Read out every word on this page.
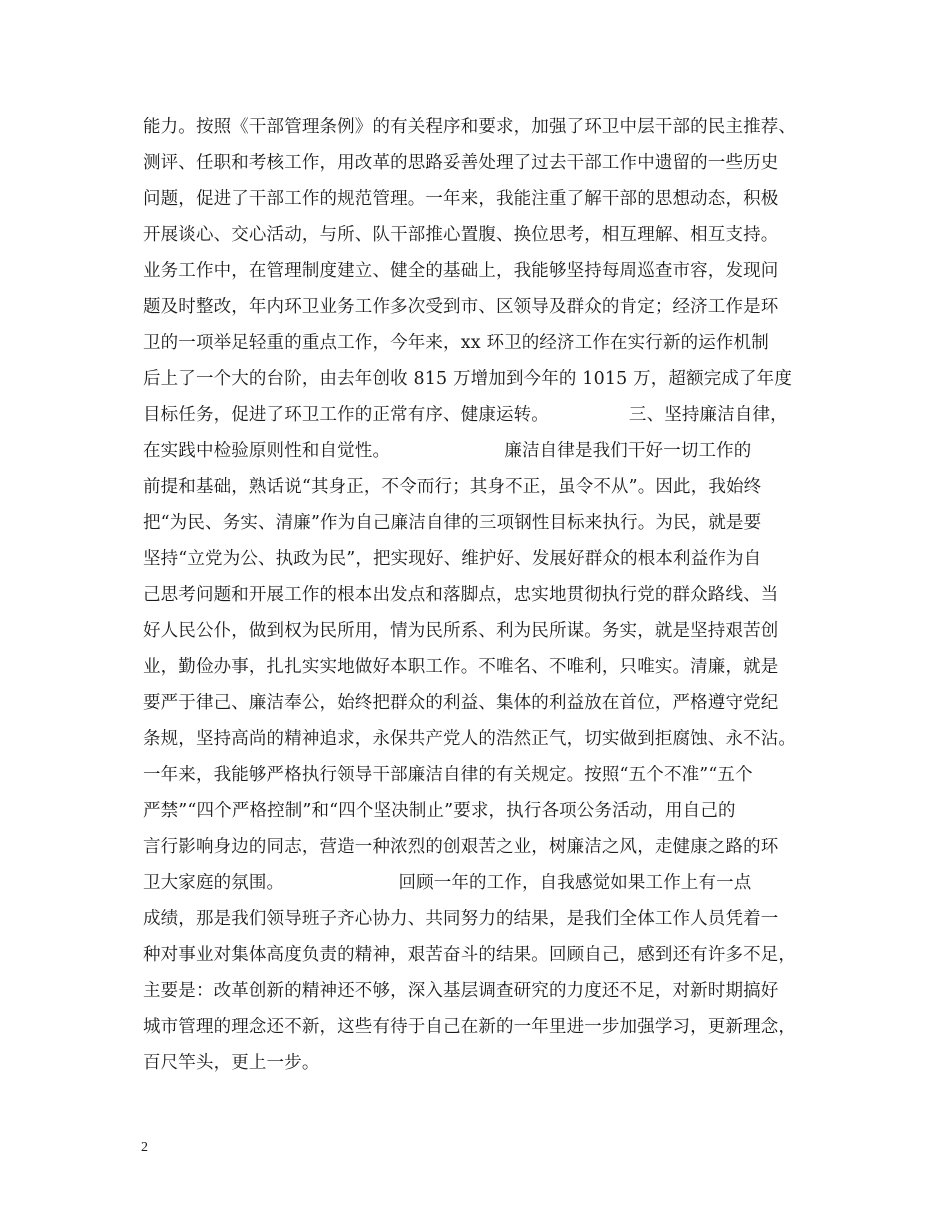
能力。按照《干部管理条例》的有关程序和要求，加强了环卫中层干部的民主推荐、
测评、任职和考核工作，用改革的思路妥善处理了过去干部工作中遗留的一些历史
问题，促进了干部工作的规范管理。一年来，我能注重了解干部的思想动态，积极
开展谈心、交心活动，与所、队干部推心置腹、换位思考，相互理解、相互支持。
业务工作中，在管理制度建立、健全的基础上，我能够坚持每周巡查市容，发现问
题及时整改，年内环卫业务工作多次受到市、区领导及群众的肯定；经济工作是环
卫的一项举足轻重的重点工作，今年来，xx 环卫的经济工作在实行新的运作机制
后上了一个大的台阶，由去年创收 815 万增加到今年的 1015 万，超额完成了年度
目标任务，促进了环卫工作的正常有序、健康运转。              三、坚持廉洁自律，
在实践中检验原则性和自觉性。                    廉洁自律是我们干好一切工作的
前提和基础，熟话说“其身正，不令而行；其身不正，虽令不从”。因此，我始终
把“为民、务实、清廉”作为自己廉洁自律的三项钢性目标来执行。为民，就是要
坚持“立党为公、执政为民”，把实现好、维护好、发展好群众的根本利益作为自
己思考问题和开展工作的根本出发点和落脚点，忠实地贯彻执行党的群众路线、当
好人民公仆，做到权为民所用，情为民所系、利为民所谋。务实，就是坚持艰苦创
业，勤俭办事，扎扎实实地做好本职工作。不唯名、不唯利，只唯实。清廉，就是
要严于律己、廉洁奉公，始终把群众的利益、集体的利益放在首位，严格遵守党纪
条规，坚持高尚的精神追求，永保共产党人的浩然正气，切实做到拒腐蚀、永不沾。
一年来，我能够严格执行领导干部廉洁自律的有关规定。按照“五个不准”“五个
严禁”“四个严格控制”和“四个坚决制止”要求，执行各项公务活动，用自己的
言行影响身边的同志，营造一种浓烈的创艰苦之业，树廉洁之风，走健康之路的环
卫大家庭的氛围。                    回顾一年的工作，自我感觉如果工作上有一点
成绩，那是我们领导班子齐心协力、共同努力的结果，是我们全体工作人员凭着一
种对事业对集体高度负责的精神，艰苦奋斗的结果。回顾自己，感到还有许多不足，
主要是：改革创新的精神还不够，深入基层调查研究的力度还不足，对新时期搞好
城市管理的理念还不新，这些有待于自己在新的一年里进一步加强学习，更新理念，
百尺竿头，更上一步。
2
